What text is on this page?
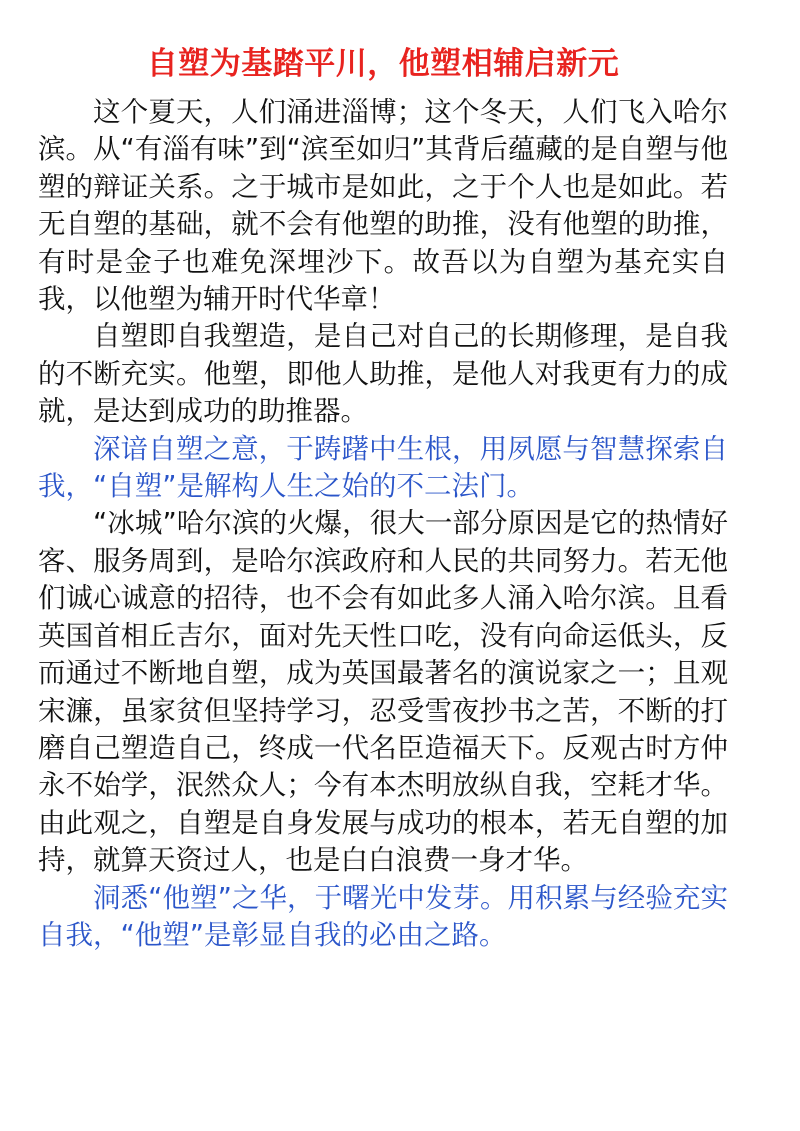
自塑为基踏平川，他塑相辅启新元

这个夏天，人们涌进淄博；这个冬天，人们飞入哈尔滨。从“有淄有味”到“滨至如归”其背后蕴藏的是自塑与他塑的辩证关系。之于城市是如此，之于个人也是如此。若无自塑的基础，就不会有他塑的助推，没有他塑的助推，有时是金子也难免深埋沙下。故吾以为自塑为基充实自我，以他塑为辅开时代华章！

自塑即自我塑造，是自己对自己的长期修理，是自我的不断充实。他塑，即他人助推，是他人对我更有力的成就，是达到成功的助推器。

深谙自塑之意，于踌躇中生根，用夙愿与智慧探索自我，“自塑”是解构人生之始的不二法门。

“冰城”哈尔滨的火爆，很大一部分原因是它的热情好客、服务周到，是哈尔滨政府和人民的共同努力。若无他们诚心诚意的招待，也不会有如此多人涌入哈尔滨。且看英国首相丘吉尔，面对先天性口吃，没有向命运低头，反而通过不断地自塑，成为英国最著名的演说家之一；且观宋濂，虽家贫但坚持学习，忍受雪夜抄书之苦，不断的打磨自己塑造自己，终成一代名臣造福天下。反观古时方仲永不始学，泯然众人；今有本杰明放纵自我，空耗才华。由此观之，自塑是自身发展与成功的根本，若无自塑的加持，就算天资过人，也是白白浪费一身才华。

洞悉“他塑”之华，于曙光中发芽。用积累与经验充实自我，“他塑”是彰显自我的必由之路。
